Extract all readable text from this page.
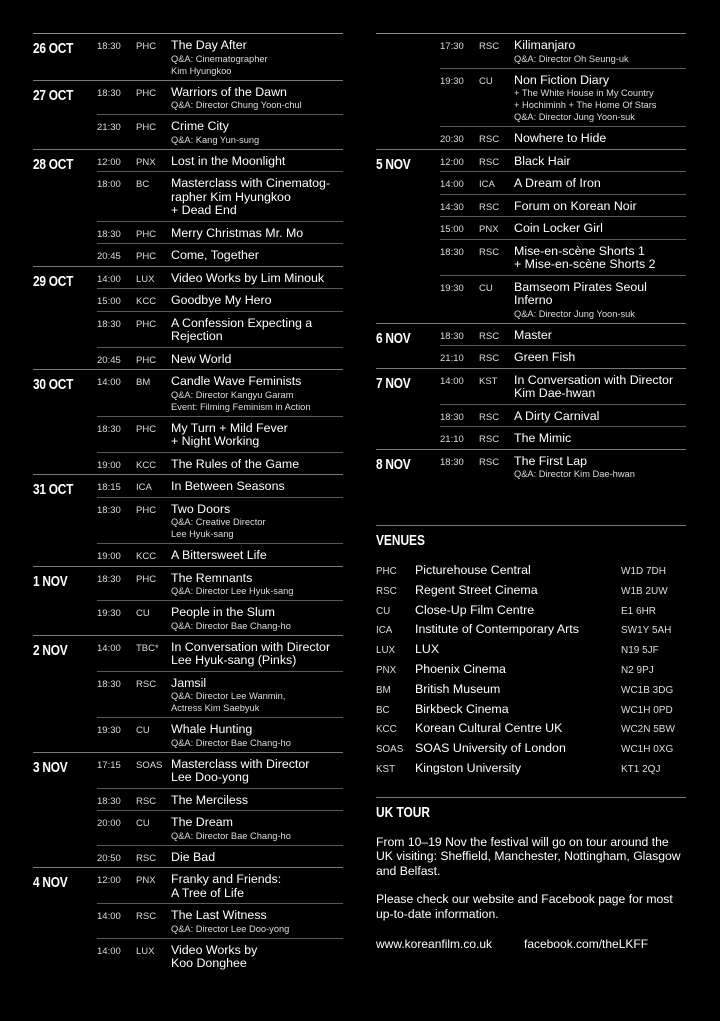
26 OCT	18:30	PHC	The Day After
Q&A: Cinematographer
Kim Hyungkoo
27 OCT	18:30	PHC	Warriors of the Dawn
Q&A: Director Chung Yoon-chul
21:30	PHC	Crime City
Q&A: Kang Yun-sung
28 OCT	12:00	PNX	Lost in the Moonlight
18:00	BC	Masterclass with Cinematog-
rapher Kim Hyungkoo
+ Dead End
18:30	PHC	Merry Christmas Mr. Mo
20:45	PHC	Come, Together
29 OCT	14:00	LUX	Video Works by Lim Minouk
15:00	KCC	Goodbye My Hero
18:30	PHC	A Confession Expecting a
Rejection
20:45	PHC	New World
30 OCT	14:00	BM	Candle Wave Feminists
Q&A: Director Kangyu Garam
Event: Filming Feminism in Action
18:30	PHC	My Turn + Mild Fever
+ Night Working
19:00	KCC	The Rules of the Game
31 OCT	18:15	ICA	In Between Seasons
18:30	PHC	Two Doors
Q&A: Creative Director
Lee Hyuk-sang
19:00	KCC	A Bittersweet Life
1 NOV	18:30	PHC	The Remnants
Q&A: Director Lee Hyuk-sang
19:30	CU	People in the Slum
Q&A: Director Bae Chang-ho
2 NOV	14:00	TBC* In Conversation with Director
Lee Hyuk-sang (Pinks)
18:30	RSC	Jamsil
Q&A: Director Lee Wanmin,
Actress Kim Saebyuk
19:30	CU	Whale Hunting
Q&A: Director Bae Chang-ho
3 NOV	17:15	SOAS Masterclass with Director
Lee Doo-yong
18:30	RSC	The Merciless
20:00	CU	The Dream
Q&A: Director Bae Chang-ho
20:50	RSC	Die Bad
4 NOV	12:00	PNX	Franky and Friends:
A Tree of Life
14:00	RSC	The Last Witness
Q&A: Director Lee Doo-yong
14:00	LUX	Video Works by
Koo Donghee
17:30	RSC	Kilimanjaro
Q&A: Director Oh Seung-uk
19:30	CU	Non Fiction Diary
+ The White House in My Country
+ Hochiminh + The Home Of Stars
Q&A: Director Jung Yoon-suk
20:30	RSC	Nowhere to Hide
5 NOV	12:00	RSC	Black Hair
14:00	ICA	A Dream of Iron
14:30	RSC	Forum on Korean Noir
15:00	PNX	Coin Locker Girl
18:30	RSC	Mise-en-scène Shorts 1
+ Mise-en-scène Shorts 2
19:30	CU	Bamseom Pirates Seoul
Inferno
Q&A: Director Jung Yoon-suk
6 NOV	18:30	RSC	Master
21:10	RSC	Green Fish
7 NOV	14:00	KST	In Conversation with Director
Kim Dae-hwan
18:30	RSC	A Dirty Carnival
21:10	RSC	The Mimic
8 NOV	18:30	RSC	The First Lap
Q&A: Director Kim Dae-hwan
VENUES
PHC	Picturehouse Central	W1D 7DH
RSC	Regent Street Cinema	W1B 2UW
CU	Close-Up Film Centre	E1 6HR
ICA	Institute of Contemporary Arts	SW1Y 5AH
LUX	LUX	N19 5JF
PNX	Phoenix Cinema	N2 9PJ
BM	British Museum	WC1B 3DG
BC	Birkbeck Cinema	WC1H 0PD
KCC	Korean Cultural Centre UK	WC2N 5BW
SOAS SOAS University of London	WC1H 0XG
KST	Kingston University	KT1 2QJ
UK TOUR
From 10–19 Nov the festival will go on tour around the UK visiting: Sheffield, Manchester, Nottingham, Glasgow and Belfast.
Please check our website and Facebook page for most up-to-date information.
www.koreanfilm.co.uk	facebook.com/theLKFF
